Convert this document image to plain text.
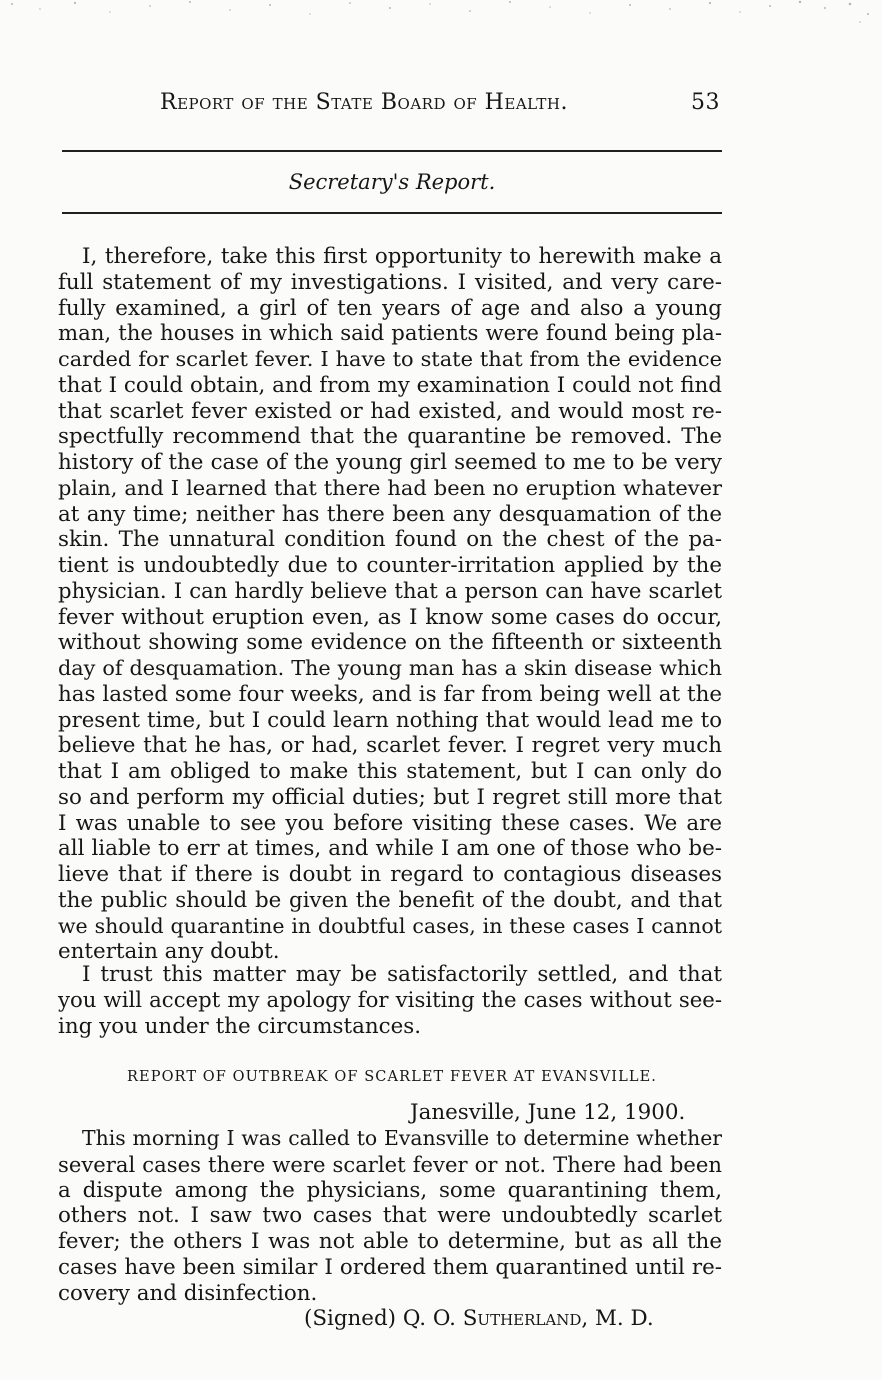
Report of the State Board of Health.	53
Secretary's Report.
I, therefore, take this first opportunity to herewith make a
full statement of my investigations. I visited, and very care-
fully examined, a girl of ten years of age and also a young
man, the houses in which said patients were found being pla-
carded for scarlet fever. I have to state that from the evidence
that I could obtain, and from my examination I could not find
that scarlet fever existed or had existed, and would most re-
spectfully recommend that the quarantine be removed. The
history of the case of the young girl seemed to me to be very
plain, and I learned that there had been no eruption whatever
at any time; neither has there been any desquamation of the
skin. The unnatural condition found on the chest of the pa-
tient is undoubtedly due to counter-irritation applied by the
physician. I can hardly believe that a person can have scarlet
fever without eruption even, as I know some cases do occur,
without showing some evidence on the fifteenth or sixteenth
day of desquamation. The young man has a skin disease which
has lasted some four weeks, and is far from being well at the
present time, but I could learn nothing that would lead me to
believe that he has, or had, scarlet fever. I regret very much
that I am obliged to make this statement, but I can only do
so and perform my official duties; but I regret still more that
I was unable to see you before visiting these cases. We are
all liable to err at times, and while I am one of those who be-
lieve that if there is doubt in regard to contagious diseases
the public should be given the benefit of the doubt, and that
we should quarantine in doubtful cases, in these cases I cannot
entertain any doubt.
I trust this matter may be satisfactorily settled, and that
you will accept my apology for visiting the cases without see-
ing you under the circumstances.
REPORT OF OUTBREAK OF SCARLET FEVER AT EVANSVILLE.
Janesville, June 12, 1900.
This morning I was called to Evansville to determine whether
several cases there were scarlet fever or not. There had been
a dispute among the physicians, some quarantining them,
others not. I saw two cases that were undoubtedly scarlet
fever; the others I was not able to determine, but as all the
cases have been similar I ordered them quarantined until re-
covery and disinfection.
(Signed) Q. O. Sutherland, M. D.
